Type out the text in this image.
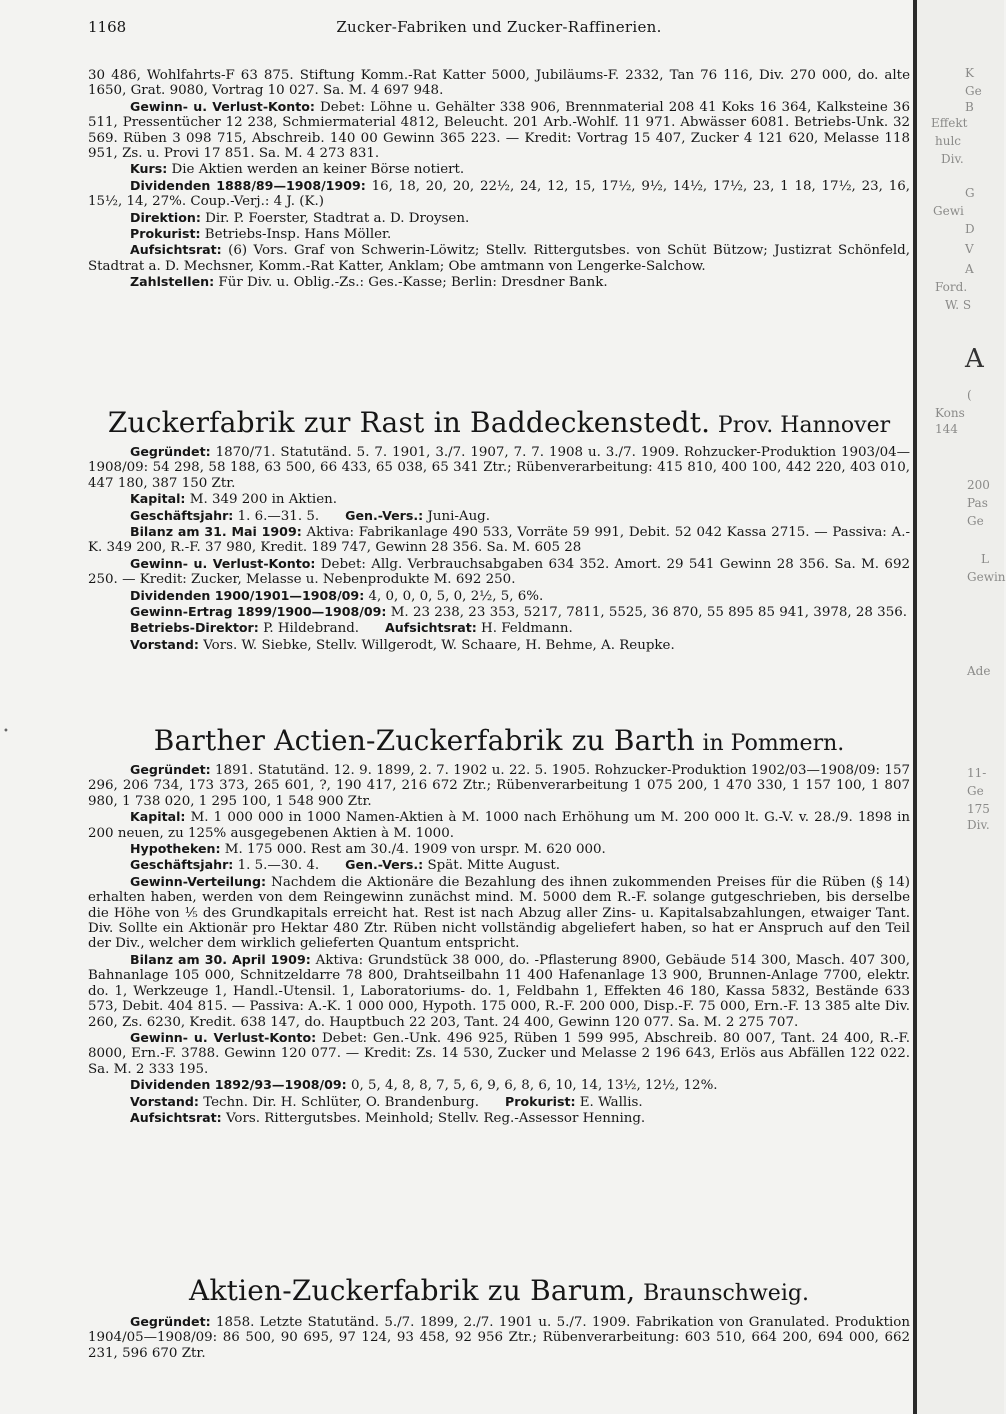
1168	Zucker-Fabriken und Zucker-Raffinerien.

30 486, Wohlfahrts-F 63 875. Stiftung Komm.-Rat Katter 5000, Jubiläums-F. 2332, Tan 76 116, Div. 270 000, do. alte 1650, Grat. 9080, Vortrag 10 027. Sa. M. 4 697 948.

Gewinn- u. Verlust-Konto: Debet: Löhne u. Gehälter 338 906, Brennmaterial 208 41 Koks 16 364, Kalksteine 36 511, Pressentücher 12 238, Schmiermaterial 4812, Beleucht. 201 Arb.-Wohlf. 11 971. Abwässer 6081. Betriebs-Unk. 32 569. Rüben 3 098 715, Abschreib. 140 00 Gewinn 365 223. — Kredit: Vortrag 15 407, Zucker 4 121 620, Melasse 118 951, Zs. u. Provi 17 851. Sa. M. 4 273 831.

Kurs: Die Aktien werden an keiner Börse notiert.

Dividenden 1888/89—1908/1909: 16, 18, 20, 20, 22½, 24, 12, 15, 17½, 9½, 14½, 17½, 23, 1 18, 17½, 23, 16, 15½, 14, 27%. Coup.-Verj.: 4 J. (K.)

Direktion: Dir. P. Foerster, Stadtrat a. D. Droysen.

Prokurist: Betriebs-Insp. Hans Möller.

Aufsichtsrat: (6) Vors. Graf von Schwerin-Löwitz; Stellv. Rittergutsbes. von Schüt Bützow; Justizrat Schönfeld, Stadtrat a. D. Mechsner, Komm.-Rat Katter, Anklam; Obe amtmann von Lengerke-Salchow.

Zahlstellen: Für Div. u. Oblig.-Zs.: Ges.-Kasse; Berlin: Dresdner Bank.

Zuckerfabrik zur Rast in Baddeckenstedt. Prov. Hannover

Gegründet: 1870/71. Statutänd. 5. 7. 1901, 3./7. 1907, 7. 7. 1908 u. 3./7. 1909. Rohzucker-Produktion 1903/04—1908/09: 54 298, 58 188, 63 500, 66 433, 65 038, 65 341 Ztr.; Rübenverarbeitung: 415 810, 400 100, 442 220, 403 010, 447 180, 387 150 Ztr.

Kapital: M. 349 200 in Aktien.

Geschäftsjahr: 1. 6.—31. 5. Gen.-Vers.: Juni-Aug.

Bilanz am 31. Mai 1909: Aktiva: Fabrikanlage 490 533, Vorräte 59 991, Debit. 52 042 Kassa 2715. — Passiva: A.-K. 349 200, R.-F. 37 980, Kredit. 189 747, Gewinn 28 356. Sa. M. 605 28

Gewinn- u. Verlust-Konto: Debet: Allg. Verbrauchsabgaben 634 352. Amort. 29 541 Gewinn 28 356. Sa. M. 692 250. — Kredit: Zucker, Melasse u. Nebenprodukte M. 692 250.

Dividenden 1900/1901—1908/09: 4, 0, 0, 0, 5, 0, 2½, 5, 6%.

Gewinn-Ertrag 1899/1900—1908/09: M. 23 238, 23 353, 5217, 7811, 5525, 36 870, 55 895 85 941, 3978, 28 356.

Betriebs-Direktor: P. Hildebrand. Aufsichtsrat: H. Feldmann.

Vorstand: Vors. W. Siebke, Stellv. Willgerodt, W. Schaare, H. Behme, A. Reupke.

Barther Actien-Zuckerfabrik zu Barth in Pommern.

Gegründet: 1891. Statutänd. 12. 9. 1899, 2. 7. 1902 u. 22. 5. 1905. Rohzucker-Produktion 1902/03—1908/09: 157 296, 206 734, 173 373, 265 601, ?, 190 417, 216 672 Ztr.; Rübenverarbeitung 1 075 200, 1 470 330, 1 157 100, 1 807 980, 1 738 020, 1 295 100, 1 548 900 Ztr.

Kapital: M. 1 000 000 in 1000 Namen-Aktien à M. 1000 nach Erhöhung um M. 200 000 lt. G.-V. v. 28./9. 1898 in 200 neuen, zu 125% ausgegebenen Aktien à M. 1000.

Hypotheken: M. 175 000. Rest am 30./4. 1909 von urspr. M. 620 000.

Geschäftsjahr: 1. 5.—30. 4. Gen.-Vers.: Spät. Mitte August.

Gewinn-Verteilung: Nachdem die Aktionäre die Bezahlung des ihnen zukommenden Preises für die Rüben (§ 14) erhalten haben, werden von dem Reingewinn zunächst mind. M. 5000 dem R.-F. solange gutgeschrieben, bis derselbe die Höhe von ⅕ des Grundkapitals erreicht hat. Rest ist nach Abzug aller Zins- u. Kapitalsabzahlungen, etwaiger Tant. Div. Sollte ein Aktionär pro Hektar 480 Ztr. Rüben nicht vollständig abgeliefert haben, so hat er Anspruch auf den Teil der Div., welcher dem wirklich gelieferten Quantum entspricht.

Bilanz am 30. April 1909: Aktiva: Grundstück 38 000, do. -Pflasterung 8900, Gebäude 514 300, Masch. 407 300, Bahnanlage 105 000, Schnitzeldarre 78 800, Drahtseilbahn 11 400 Hafenanlage 13 900, Brunnen-Anlage 7700, elektr. do. 1, Werkzeuge 1, Handl.-Utensil. 1, Laboratoriums- do. 1, Feldbahn 1, Effekten 46 180, Kassa 5832, Bestände 633 573, Debit. 404 815. — Passiva: A.-K. 1 000 000, Hypoth. 175 000, R.-F. 200 000, Disp.-F. 75 000, Ern.-F. 13 385 alte Div. 260, Zs. 6230, Kredit. 638 147, do. Hauptbuch 22 203, Tant. 24 400, Gewinn 120 077. Sa. M. 2 275 707.

Gewinn- u. Verlust-Konto: Debet: Gen.-Unk. 496 925, Rüben 1 599 995, Abschreib. 80 007, Tant. 24 400, R.-F. 8000, Ern.-F. 3788. Gewinn 120 077. — Kredit: Zs. 14 530, Zucker und Melasse 2 196 643, Erlös aus Abfällen 122 022. Sa. M. 2 333 195.

Dividenden 1892/93—1908/09: 0, 5, 4, 8, 8, 7, 5, 6, 9, 6, 8, 6, 10, 14, 13½, 12½, 12%.

Vorstand: Techn. Dir. H. Schlüter, O. Brandenburg. Prokurist: E. Wallis.

Aufsichtsrat: Vors. Rittergutsbes. Meinhold; Stellv. Reg.-Assessor Henning.

Aktien-Zuckerfabrik zu Barum, Braunschweig.

Gegründet: 1858. Letzte Statutänd. 5./7. 1899, 2./7. 1901 u. 5./7. 1909. Fabrikation von Granulated. Produktion 1904/05—1908/09: 86 500, 90 695, 97 124, 93 458, 92 956 Ztr.; Rübenverarbeitung: 603 510, 664 200, 694 000, 662 231, 596 670 Ztr.

•
K
Ge
B
Effekt
hulc
Div.
G
Gewi
D
V
A
Ford.
W. S
A
(
Kons
144
200
Pas
Ge
L
Gewin
Ade
11-
Ge
175
Div.
